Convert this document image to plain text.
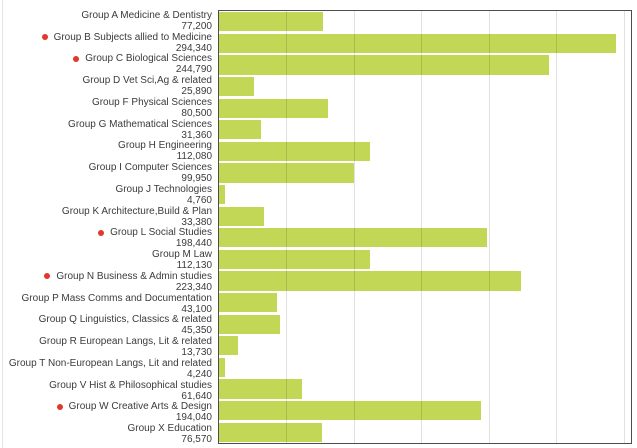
Group A Medicine & Dentistry
77,200
Group B Subjects allied to Medicine
294,340
Group C Biological Sciences
244,790
Group D Vet Sci,Ag & related
25,890
Group F Physical Sciences
80,500
Group G Mathematical Sciences
31,360
Group H Engineering
112,080
Group I Computer Sciences
99,950
Group J Technologies
4,760
Group K Architecture,Build & Plan
33,380
Group L Social Studies
198,440
Group M Law
112,130
Group N Business & Admin studies
223,340
Group P Mass Comms and Documentation
43,100
Group Q Linguistics, Classics & related
45,350
Group R European Langs, Lit & related
13,730
Group T Non-European Langs, Lit and related
4,240
Group V Hist & Philosophical studies
61,640
Group W Creative Arts & Design
194,040
Group X Education
76,570
